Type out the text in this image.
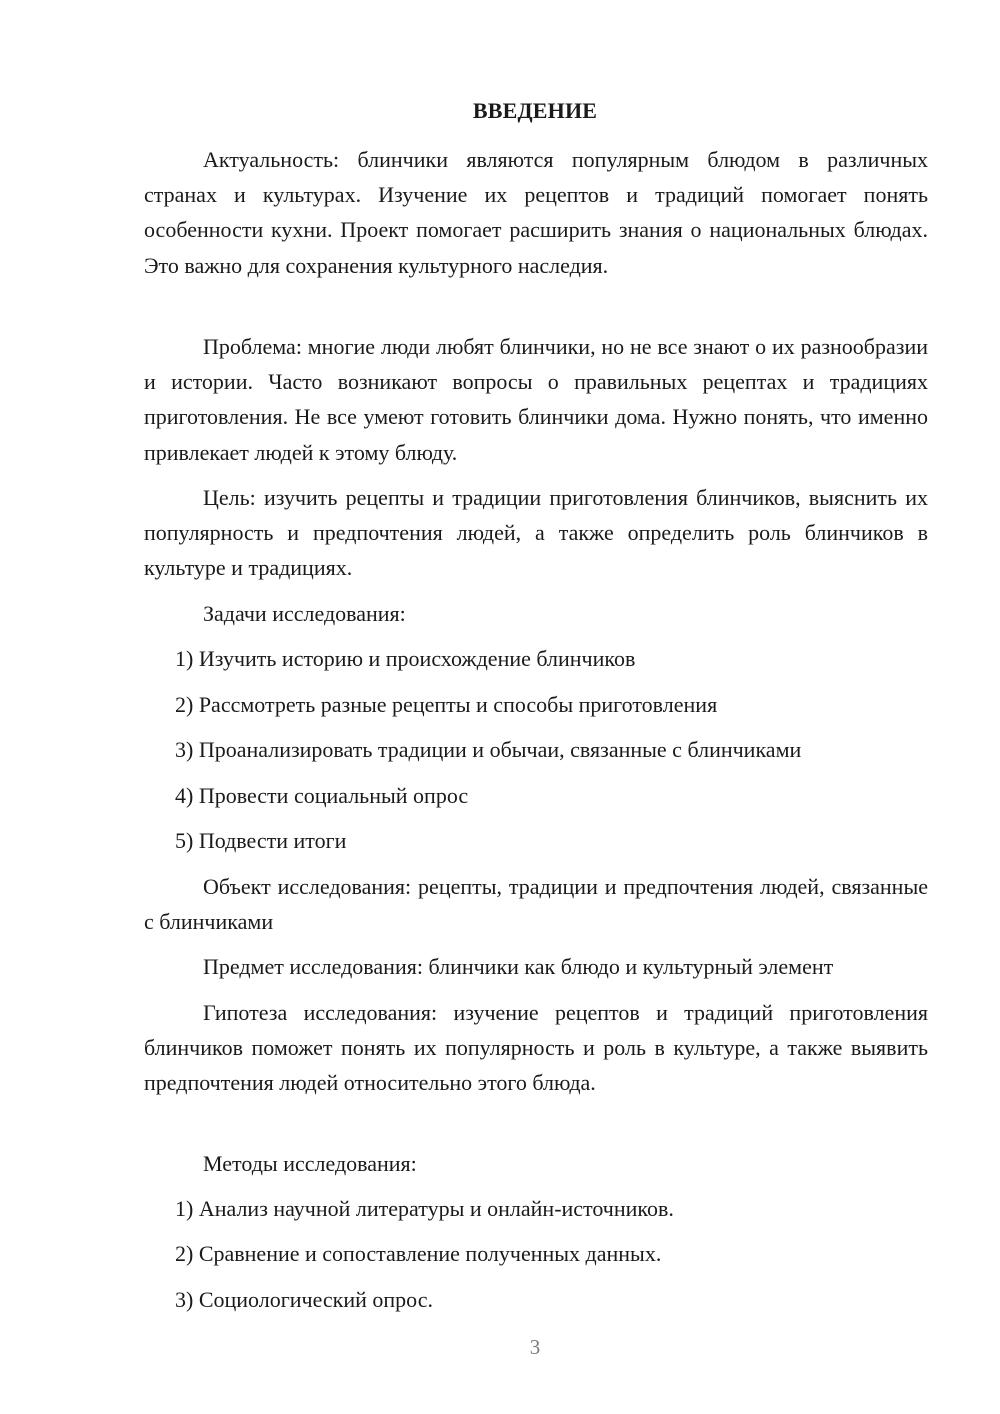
ВВЕДЕНИЕ

Актуальность: блинчики являются популярным блюдом в различных странах и культурах. Изучение их рецептов и традиций помогает понять особенности кухни. Проект помогает расширить знания о национальных блюдах. Это важно для сохранения культурного наследия.

Проблема: многие люди любят блинчики, но не все знают о их разнообразии и истории. Часто возникают вопросы о правильных рецептах и традициях приготовления. Не все умеют готовить блинчики дома. Нужно понять, что именно привлекает людей к этому блюду.

Цель: изучить рецепты и традиции приготовления блинчиков, выяснить их популярность и предпочтения людей, а также определить роль блинчиков в культуре и традициях.

Задачи исследования:
1) Изучить историю и происхождение блинчиков
2) Рассмотреть разные рецепты и способы приготовления
3) Проанализировать традиции и обычаи, связанные с блинчиками
4) Провести социальный опрос
5) Подвести итоги

Объект исследования: рецепты, традиции и предпочтения людей, связанные с блинчиками

Предмет исследования: блинчики как блюдо и культурный элемент

Гипотеза исследования: изучение рецептов и традиций приготовления блинчиков поможет понять их популярность и роль в культуре, а также выявить предпочтения людей относительно этого блюда.

Методы исследования:
1) Анализ научной литературы и онлайн-источников.
2) Сравнение и сопоставление полученных данных.
3) Социологический опрос.
3
